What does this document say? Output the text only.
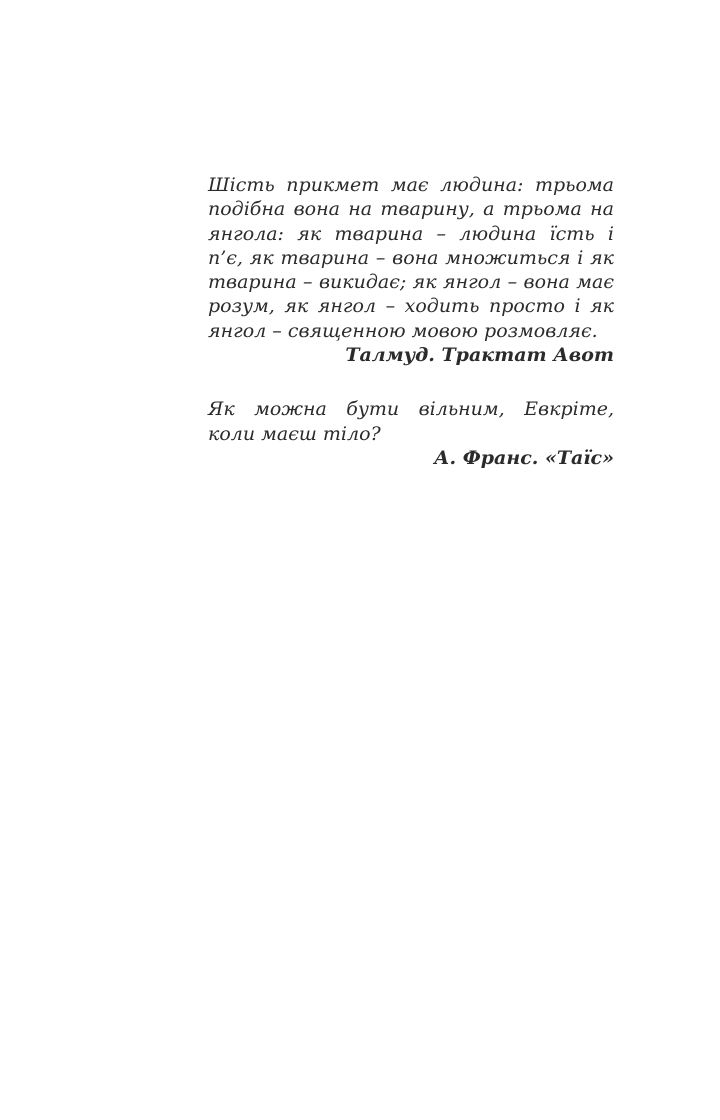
Шість прикмет має людина: трьома
подібна вона на тварину, а трьома на
янгола: як тварина – людина їсть і
п’є, як тварина – вона множиться і як
тварина – викидає; як янгол – вона має
розум, як янгол – ходить просто і як
янгол – священною мовою розмовляє.
Талмуд. Трактат Авот
Як можна бути вільним, Евкріте,
коли маєш тіло?
А. Франс. «Таїс»
